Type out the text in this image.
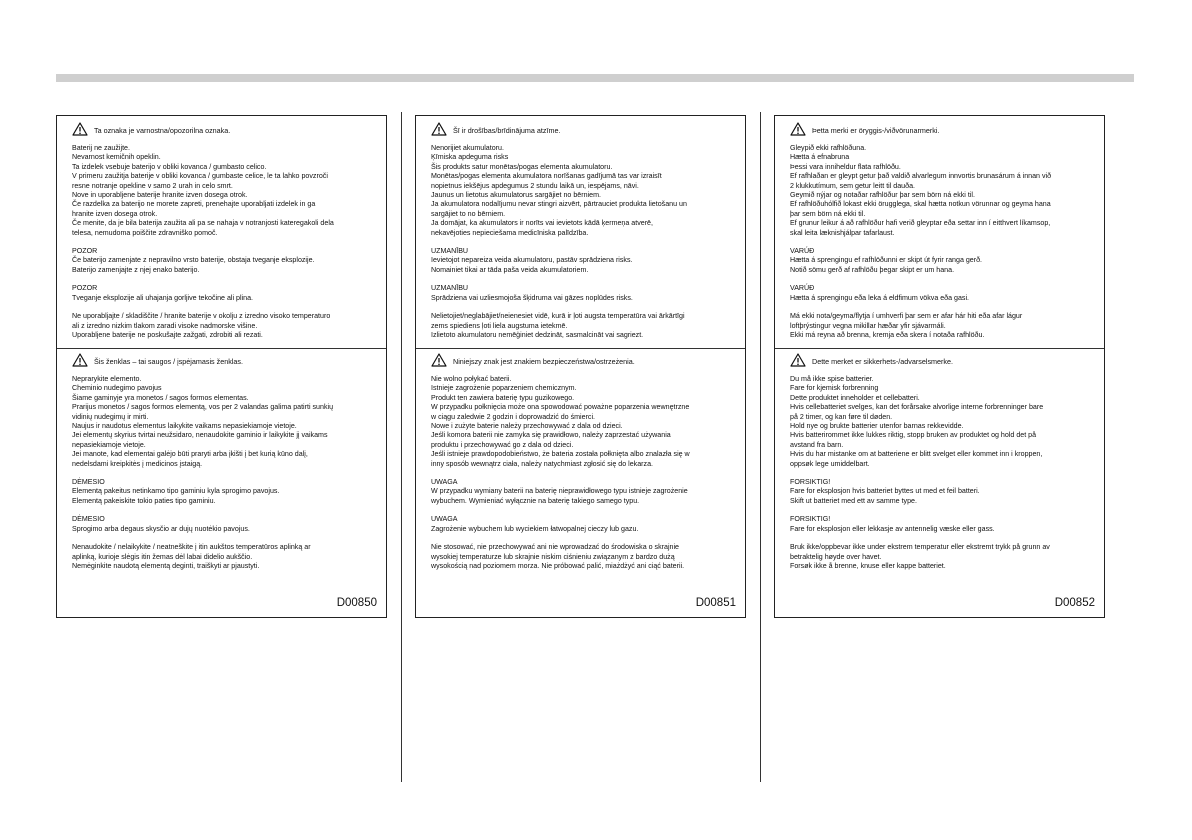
Ta oznaka je varnostna/opozorilna oznaka.
Baterij ne zaužijte.
Nevarnost kemičnih opeklin.
Ta izdelek vsebuje baterijo v obliki kovanca / gumbasto celico.
V primeru zaužitja baterije v obliki kovanca / gumbaste celice, le ta lahko povzroči
resne notranje opekline v samo 2 urah in celo smrt.
Nove in uporabljene baterije hranite izven dosega otrok.
Če razdelka za baterijo ne morete zapreti, prenehajte uporabljati izdelek in ga
hranite izven dosega otrok.
Če menite, da je bila baterija zaužita ali pa se nahaja v notranjosti kateregakoli dela
telesa, nemudoma poiščite zdravniško pomoč.
POZOR
Če baterijo zamenjate z nepravilno vrsto baterije, obstaja tveganje eksplozije.
Baterijo zamenjajte z njej enako baterijo.
POZOR
Tveganje eksplozije ali uhajanja gorljive tekočine ali plina.
Ne uporabljajte / skladiščite / hranite baterije v okolju z izredno visoko temperaturo
ali z izredno nizkim tlakom zaradi visoke nadmorske višine.
Uporabljene baterije ne poskušajte zažgati, zdrobiti ali rezati.
Šis ženklas – tai saugos / įspėjamasis ženklas.
Neprarykite elemento.
Cheminio nudegimo pavojus
Šiame gaminyje yra monetos / sagos formos elementas.
Prarijus monetos / sagos formos elementą, vos per 2 valandas galima patirti sunkių
vidinių nudegimų ir mirti.
Naujus ir naudotus elementus laikykite vaikams nepasiekiamoje vietoje.
Jei elementų skyrius tvirtai neužsidaro, nenaudokite gaminio ir laikykite jį vaikams
nepasiekiamoje vietoje.
Jei manote, kad elementai galėjo būti praryti arba įkišti į bet kurią kūno dalį,
nedelsdami kreipkitės į medicinos įstaigą.
DĖMESIO
Elementą pakeitus netinkamo tipo gaminiu kyla sprogimo pavojus.
Elementą pakeiskite tokio paties tipo gaminiu.
DĖMESIO
Sprogimo arba degaus skysčio ar dujų nuotėkio pavojus.
Nenaudokite / nelaikykite / neatneškite į itin aukštos temperatūros aplinką ar
aplinką, kurioje slėgis itin žemas dėl labai didelio aukščio.
Nemėginkite naudotą elementą deginti, traiškyti ar pjaustyti.
D00850
Šī ir drošības/brīdinājuma atzīme.
Nenorijiet akumulatoru.
Ķīmiska apdeguma risks
Šis produkts satur monētas/pogas elementa akumulatoru.
Monētas/pogas elementa akumulatora norīšanas gadījumā tas var izraisīt
nopietnus iekšējus apdegumus 2 stundu laikā un, iespējams, nāvi.
Jaunus un lietotus akumulatorus sargājiet no bērniem.
Ja akumulatora nodalījumu nevar stingri aizvērt, pārtrauciet produkta lietošanu un
sargājiet to no bērniem.
Ja domājat, ka akumulators ir norīts vai ievietots kādā ķermeņa atverē,
nekavējoties nepieciešama medicīniska palīdzība.
UZMANĪBU
Ievietojot nepareiza veida akumulatoru, pastāv sprādziena risks.
Nomainiet tikai ar tāda paša veida akumulatoriem.
UZMANĪBU
Sprādziena vai uzliesmojoša šķidruma vai gāzes noplūdes risks.
Nelietojiet/neglabājiet/neienesiet vidē, kurā ir ļoti augsta temperatūra vai ārkārtīgi
zems spiediens ļoti liela augstuma ietekmē.
Izlietoto akumulatoru nemēģiniet dedzināt, sasmalcināt vai sagriezt.
Niniejszy znak jest znakiem bezpieczeństwa/ostrzeżenia.
Nie wolno połykać baterii.
Istnieje zagrożenie poparzeniem chemicznym.
Produkt ten zawiera baterię typu guzikowego.
W przypadku połknięcia może ona spowodować poważne poparzenia wewnętrzne
w ciągu zaledwie 2 godzin i doprowadzić do śmierci.
Nowe i zużyte baterie należy przechowywać z dala od dzieci.
Jeśli komora baterii nie zamyka się prawidłowo, należy zaprzestać używania
produktu i przechowywać go z dala od dzieci.
Jeśli istnieje prawdopodobieństwo, że bateria została połknięta albo znalazła się w
inny sposób wewnątrz ciała, należy natychmiast zgłosić się do lekarza.
UWAGA
W przypadku wymiany baterii na baterię nieprawidłowego typu istnieje zagrożenie
wybuchem. Wymieniać wyłącznie na baterię takiego samego typu.
UWAGA
Zagrożenie wybuchem lub wyciekiem łatwopalnej cieczy lub gazu.
Nie stosować, nie przechowywać ani nie wprowadzać do środowiska o skrajnie
wysokiej temperaturze lub skrajnie niskim ciśnieniu związanym z bardzo dużą
wysokością nad poziomem morza. Nie próbować palić, miażdżyć ani ciąć baterii.
D00851
Þetta merki er öryggis-/viðvörunarmerki.
Gleypið ekki rafhlöðuna.
Hætta á efnabruna
Þessi vara inniheldur flata rafhlöðu.
Ef rafhlaðan er gleypt getur það valdið alvarlegum innvortis brunasárum á innan við
2 klukkutímum, sem getur leitt til dauða.
Geymið nýjar og notaðar rafhlöður þar sem börn ná ekki til.
Ef rafhlöðuhólfið lokast ekki örugglega, skal hætta notkun vörunnar og geyma hana
þar sem börn ná ekki til.
Ef grunur leikur á að rafhlöður hafi verið gleyptar eða settar inn í eitthvert líkamsop,
skal leita læknishjálpar tafarlaust.
VARÚÐ
Hætta á sprengingu ef rafhlöðunni er skipt út fyrir ranga gerð.
Notið sömu gerð af rafhlöðu þegar skipt er um hana.
VARÚÐ
Hætta á sprengingu eða leka á eldfimum vökva eða gasi.
Má ekki nota/geyma/flytja í umhverfi þar sem er afar hár hiti eða afar lágur
loftþrýstingur vegna mikillar hæðar yfir sjávarmáli.
Ekki má reyna að brenna, kremja eða skera í notaða rafhlöðu.
Dette merket er sikkerhets-/advarselsmerke.
Du må ikke spise batterier.
Fare for kjemisk forbrenning
Dette produktet inneholder et cellebatteri.
Hvis cellebatteriet svelges, kan det forårsake alvorlige interne forbrenninger bare
på 2 timer, og kan føre til døden.
Hold nye og brukte batterier utenfor barnas rekkevidde.
Hvis batterirommet ikke lukkes riktig, stopp bruken av produktet og hold det på
avstand fra barn.
Hvis du har mistanke om at batteriene er blitt svelget eller kommet inn i kroppen,
oppsøk lege umiddelbart.
FORSIKTIG!
Fare for eksplosjon hvis batteriet byttes ut med et feil batteri.
Skift ut batteriet med ett av samme type.
FORSIKTIG!
Fare for eksplosjon eller lekkasje av antennelig væske eller gass.
Bruk ikke/oppbevar ikke under ekstrem temperatur eller ekstremt trykk på grunn av
betraktelig høyde over havet.
Forsøk ikke å brenne, knuse eller kappe batteriet.
D00852
